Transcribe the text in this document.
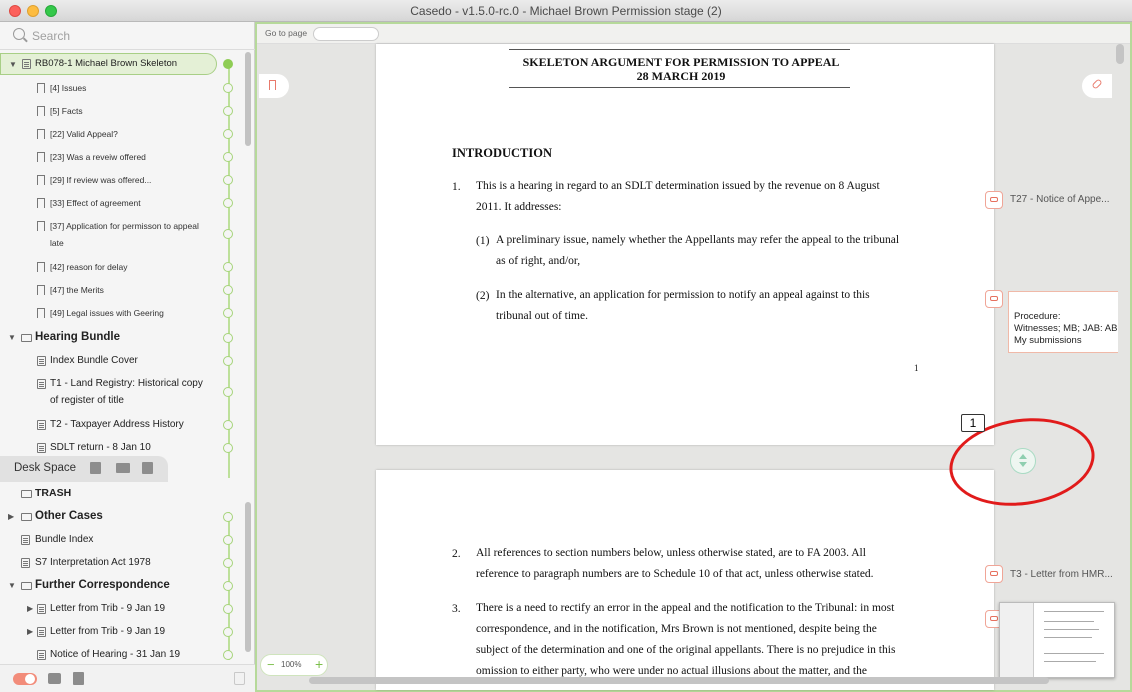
Casedo - v1.5.0-rc.0 - Michael Brown Permission stage (2)
Search
▼ RB078-1 Michael Brown Skeleton
[4] Issues
[5] Facts
[22] Valid Appeal?
[23] Was a reveiw offered
[29] If review was offered...
[33] Effect of agreement
[37] Application for permisson to appeal
late
[42] reason for delay
[47] the Merits
[49] Legal issues with Geering
▼ Hearing Bundle
Index Bundle Cover
T1 - Land Registry: Historical copy
of register of title
T2 - Taxpayer Address History
SDLT return - 8 Jan 10
Desk Space
TRASH
▶ Other Cases
Bundle Index
S7 Interpretation Act 1978
▼ Further Correspondence
▶ Letter from Trib - 9 Jan 19
▶ Letter from Trib - 9 Jan 19
Notice of Hearing - 31 Jan 19
Go to page
SKELETON ARGUMENT FOR PERMISSION TO APPEAL
28 MARCH 2019
INTRODUCTION
1. This is a hearing in regard to an SDLT determination issued by the revenue on 8 August
2011. It addresses:
(1) A preliminary issue, namely whether the Appellants may refer the appeal to the tribunal
as of right, and/or,
(2) In the alternative, an application for permission to notify an appeal against to this
tribunal out of time.
1
2. All references to section numbers below, unless otherwise stated, are to FA 2003. All
reference to paragraph numbers are to Schedule 10 of that act, unless otherwise stated.
3. There is a need to rectify an error in the appeal and the notification to the Tribunal: in most
correspondence, and in the notification, Mrs Brown is not mentioned, despite being the
subject of the determination and one of the original appellants. There is no prejudice in this
omission to either party, who were under no actual illusions about the matter, and the
T27 - Notice of Appe...
Procedure:
Witnesses; MB; JAB: AB
My submissions
T3 - Letter from HMR...
1
− 100% +
